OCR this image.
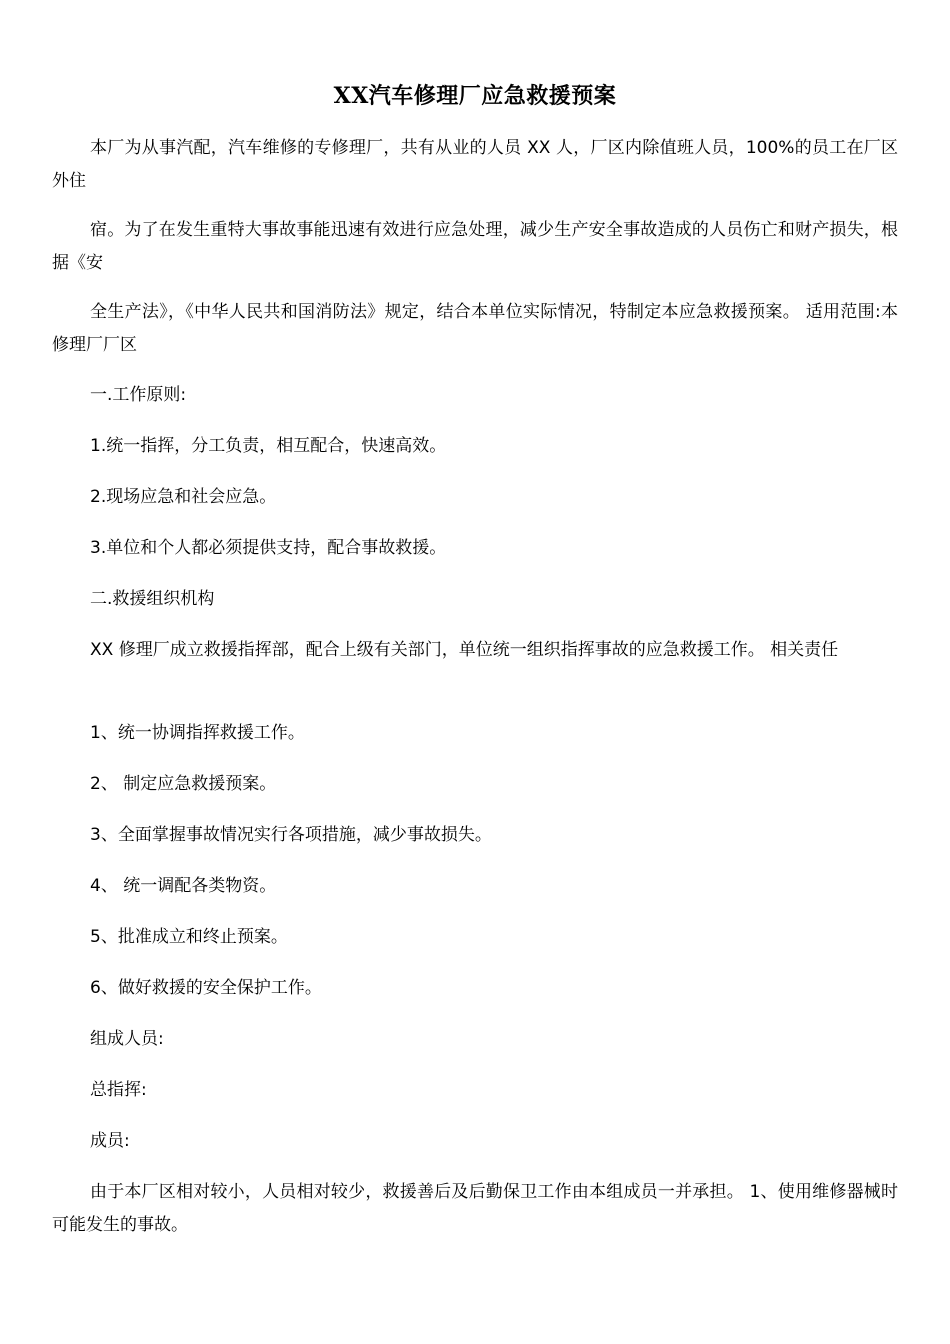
XX汽车修理厂应急救援预案

本厂为从事汽配，汽车维修的专修理厂，共有从业的人员 XX 人，厂区内除值班人员，100%的员工在厂区外住

宿。为了在发生重特大事故事能迅速有效进行应急处理，减少生产安全事故造成的人员伤亡和财产损失，根据《安

全生产法》，《中华人民共和国消防法》规定，结合本单位实际情况，特制定本应急救援预案。 适用范围:本修理厂厂区

一.工作原则:

1.统一指挥，分工负责，相互配合，快速高效。

2.现场应急和社会应急。

3.单位和个人都必须提供支持，配合事故救援。

二.救援组织机构

XX 修理厂成立救援指挥部，配合上级有关部门，单位统一组织指挥事故的应急救援工作。 相关责任

1、统一协调指挥救援工作。

2、 制定应急救援预案。

3、全面掌握事故情况实行各项措施，减少事故损失。

4、 统一调配各类物资。

5、批准成立和终止预案。

6、做好救援的安全保护工作。

组成人员:

总指挥:

成员:

由于本厂区相对较小，人员相对较少，救援善后及后勤保卫工作由本组成员一并承担。 1、使用维修器械时可能发生的事故。
